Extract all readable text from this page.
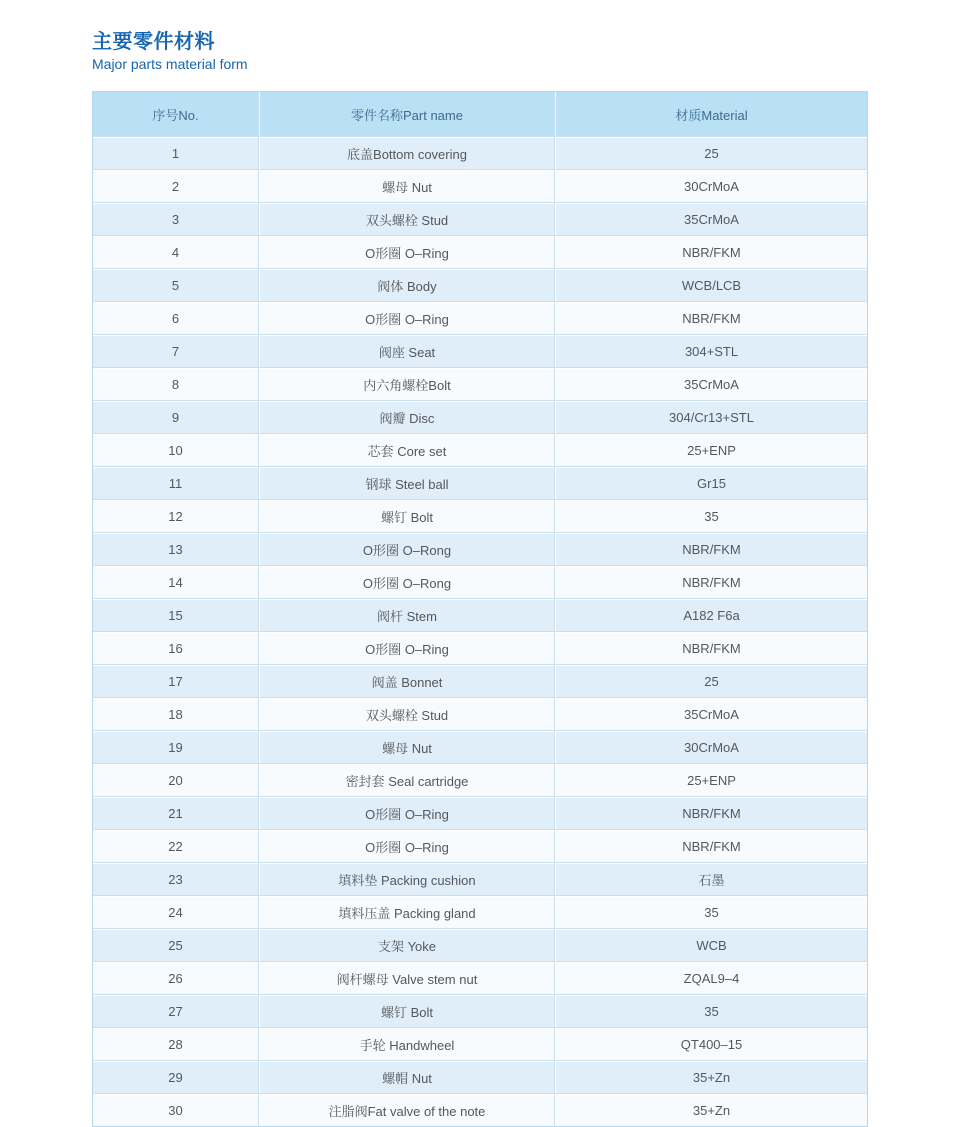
主要零件材料
Major parts material form
序号No.	零件名称Part name	材质Material
1	底盖Bottom covering	25
2	螺母 Nut	30CrMoA
3	双头螺栓 Stud	35CrMoA
4	O形圈 O–Ring	NBR/FKM
5	阀体 Body	WCB/LCB
6	O形圈 O–Ring	NBR/FKM
7	阀座 Seat	304+STL
8	内六角螺栓Bolt	35CrMoA
9	阀瓣 Disc	304/Cr13+STL
10	芯套 Core set	25+ENP
11	钢球 Steel ball	Gr15
12	螺钉 Bolt	35
13	O形圈 O–Rong	NBR/FKM
14	O形圈 O–Rong	NBR/FKM
15	阀杆 Stem	A182 F6a
16	O形圈 O–Ring	NBR/FKM
17	阀盖 Bonnet	25
18	双头螺栓 Stud	35CrMoA
19	螺母 Nut	30CrMoA
20	密封套 Seal cartridge	25+ENP
21	O形圈 O–Ring	NBR/FKM
22	O形圈 O–Ring	NBR/FKM
23	填料垫 Packing cushion	石墨
24	填料压盖 Packing gland	35
25	支架 Yoke	WCB
26	阀杆螺母 Valve stem nut	ZQAL9–4
27	螺钉 Bolt	35
28	手轮 Handwheel	QT400–15
29	螺帽 Nut	35+Zn
30	注脂阀Fat valve of the note	35+Zn
